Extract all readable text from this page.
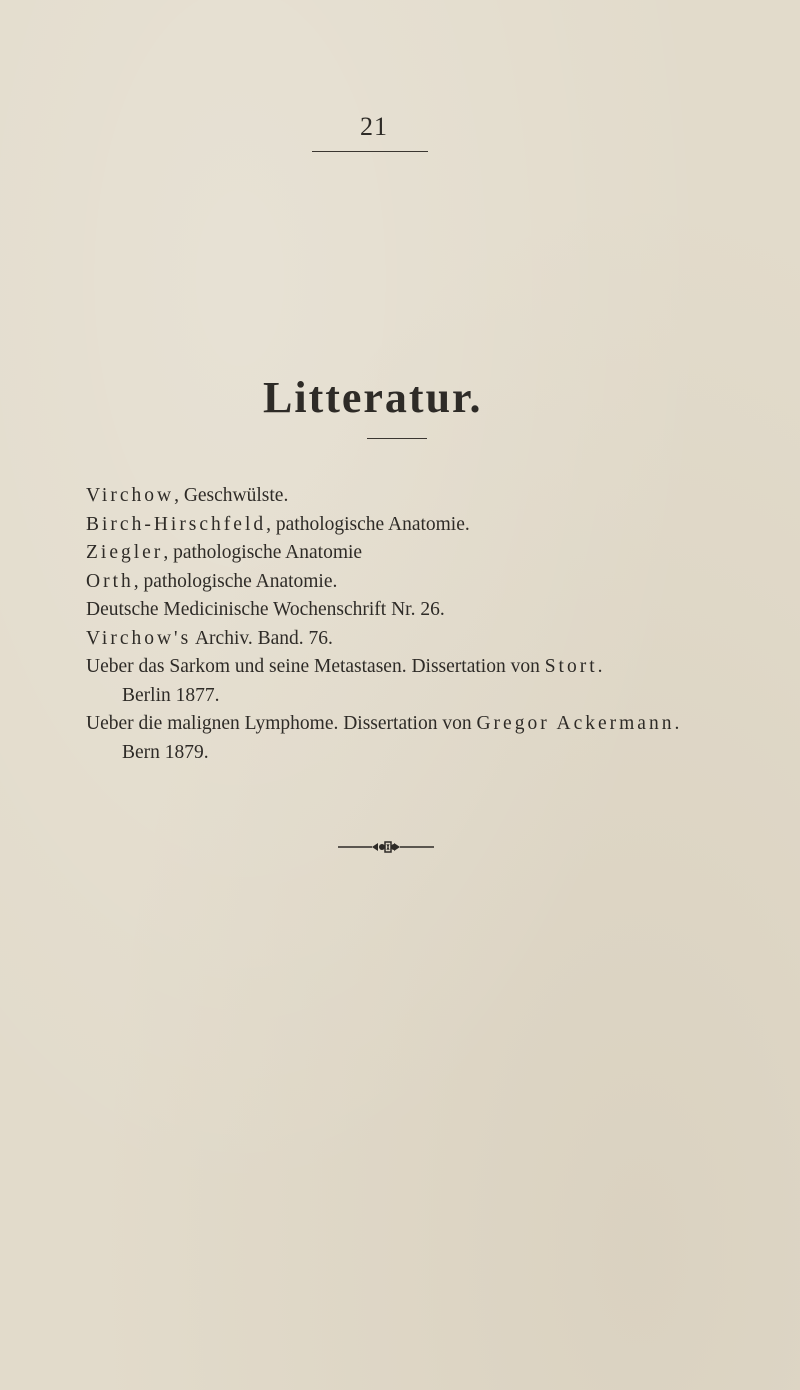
21
Litteratur.
Virchow, Geschwülste.
Birch-Hirschfeld, pathologische Anatomie.
Ziegler, pathologische Anatomie
Orth, pathologische Anatomie.
Deutsche Medicinische Wochenschrift Nr. 26.
Virchow's Archiv. Band. 76.
Ueber das Sarkom und seine Metastasen. Dissertation von Stort.
Berlin 1877.
Ueber die malignen Lymphome. Dissertation von Gregor Ackermann.
Bern 1879.
